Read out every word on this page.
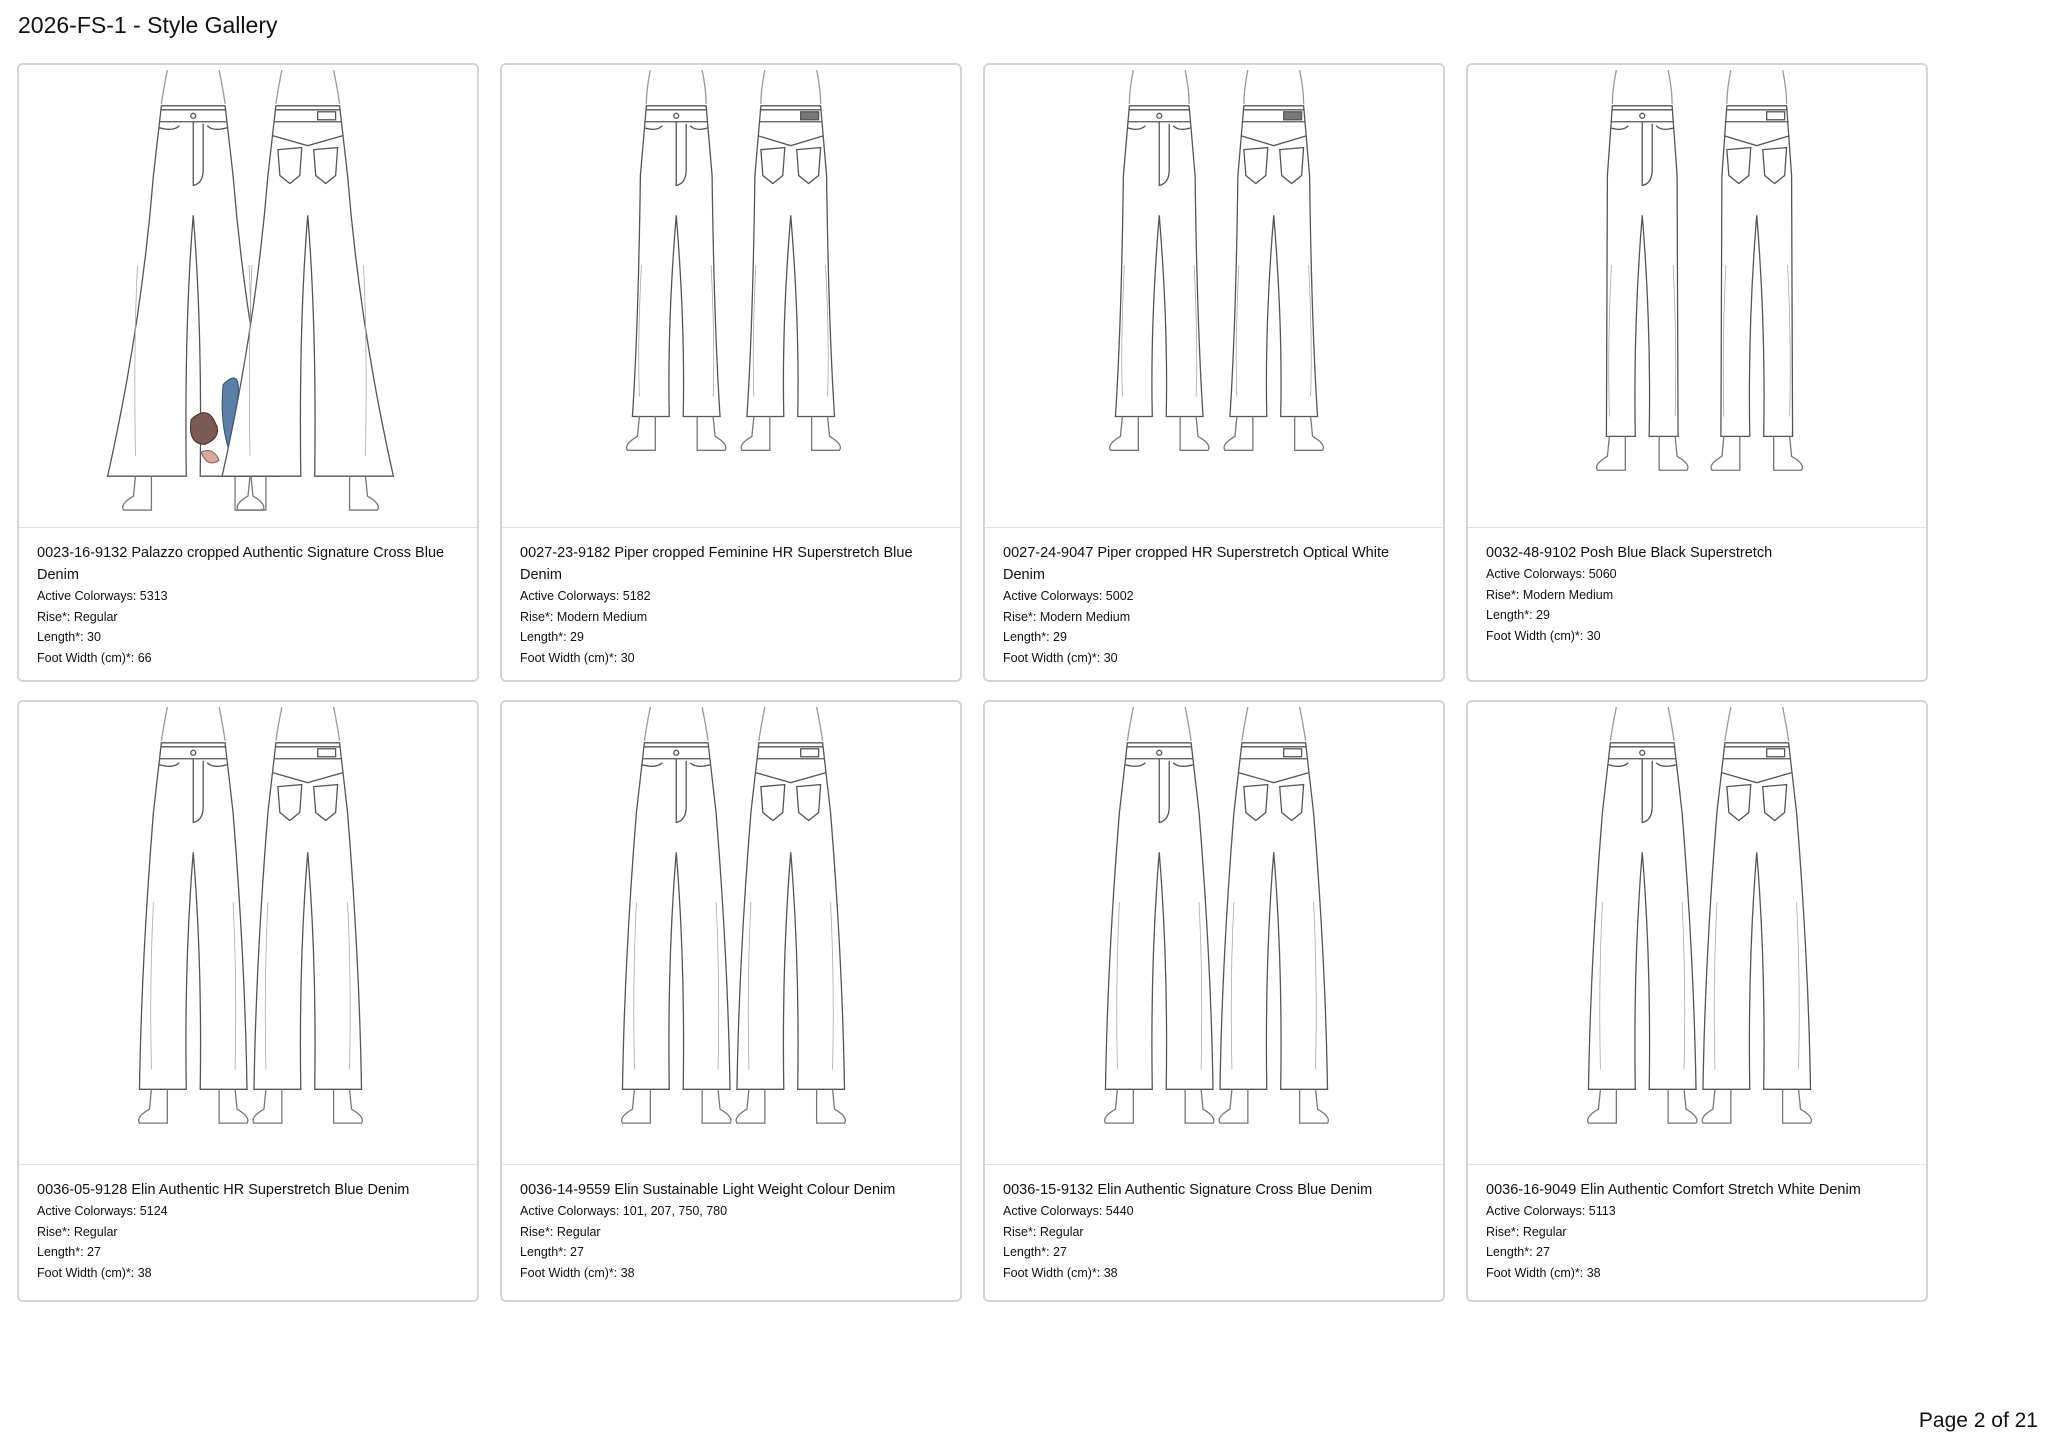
2026-FS-1 - Style Gallery
0023-16-9132 Palazzo cropped Authentic Signature Cross Blue Denim
Active Colorways: 5313
Rise*: Regular
Length*: 30
Foot Width (cm)*: 66
0027-23-9182 Piper cropped Feminine HR Superstretch Blue Denim
Active Colorways: 5182
Rise*: Modern Medium
Length*: 29
Foot Width (cm)*: 30
0027-24-9047 Piper cropped HR Superstretch Optical White Denim
Active Colorways: 5002
Rise*: Modern Medium
Length*: 29
Foot Width (cm)*: 30
0032-48-9102 Posh Blue Black Superstretch
Active Colorways: 5060
Rise*: Modern Medium
Length*: 29
Foot Width (cm)*: 30
0036-05-9128 Elin Authentic HR Superstretch Blue Denim
Active Colorways: 5124
Rise*: Regular
Length*: 27
Foot Width (cm)*: 38
0036-14-9559 Elin Sustainable Light Weight Colour Denim
Active Colorways: 101, 207, 750, 780
Rise*: Regular
Length*: 27
Foot Width (cm)*: 38
0036-15-9132 Elin Authentic Signature Cross Blue Denim
Active Colorways: 5440
Rise*: Regular
Length*: 27
Foot Width (cm)*: 38
0036-16-9049 Elin Authentic Comfort Stretch White Denim
Active Colorways: 5113
Rise*: Regular
Length*: 27
Foot Width (cm)*: 38
Page 2 of 21
